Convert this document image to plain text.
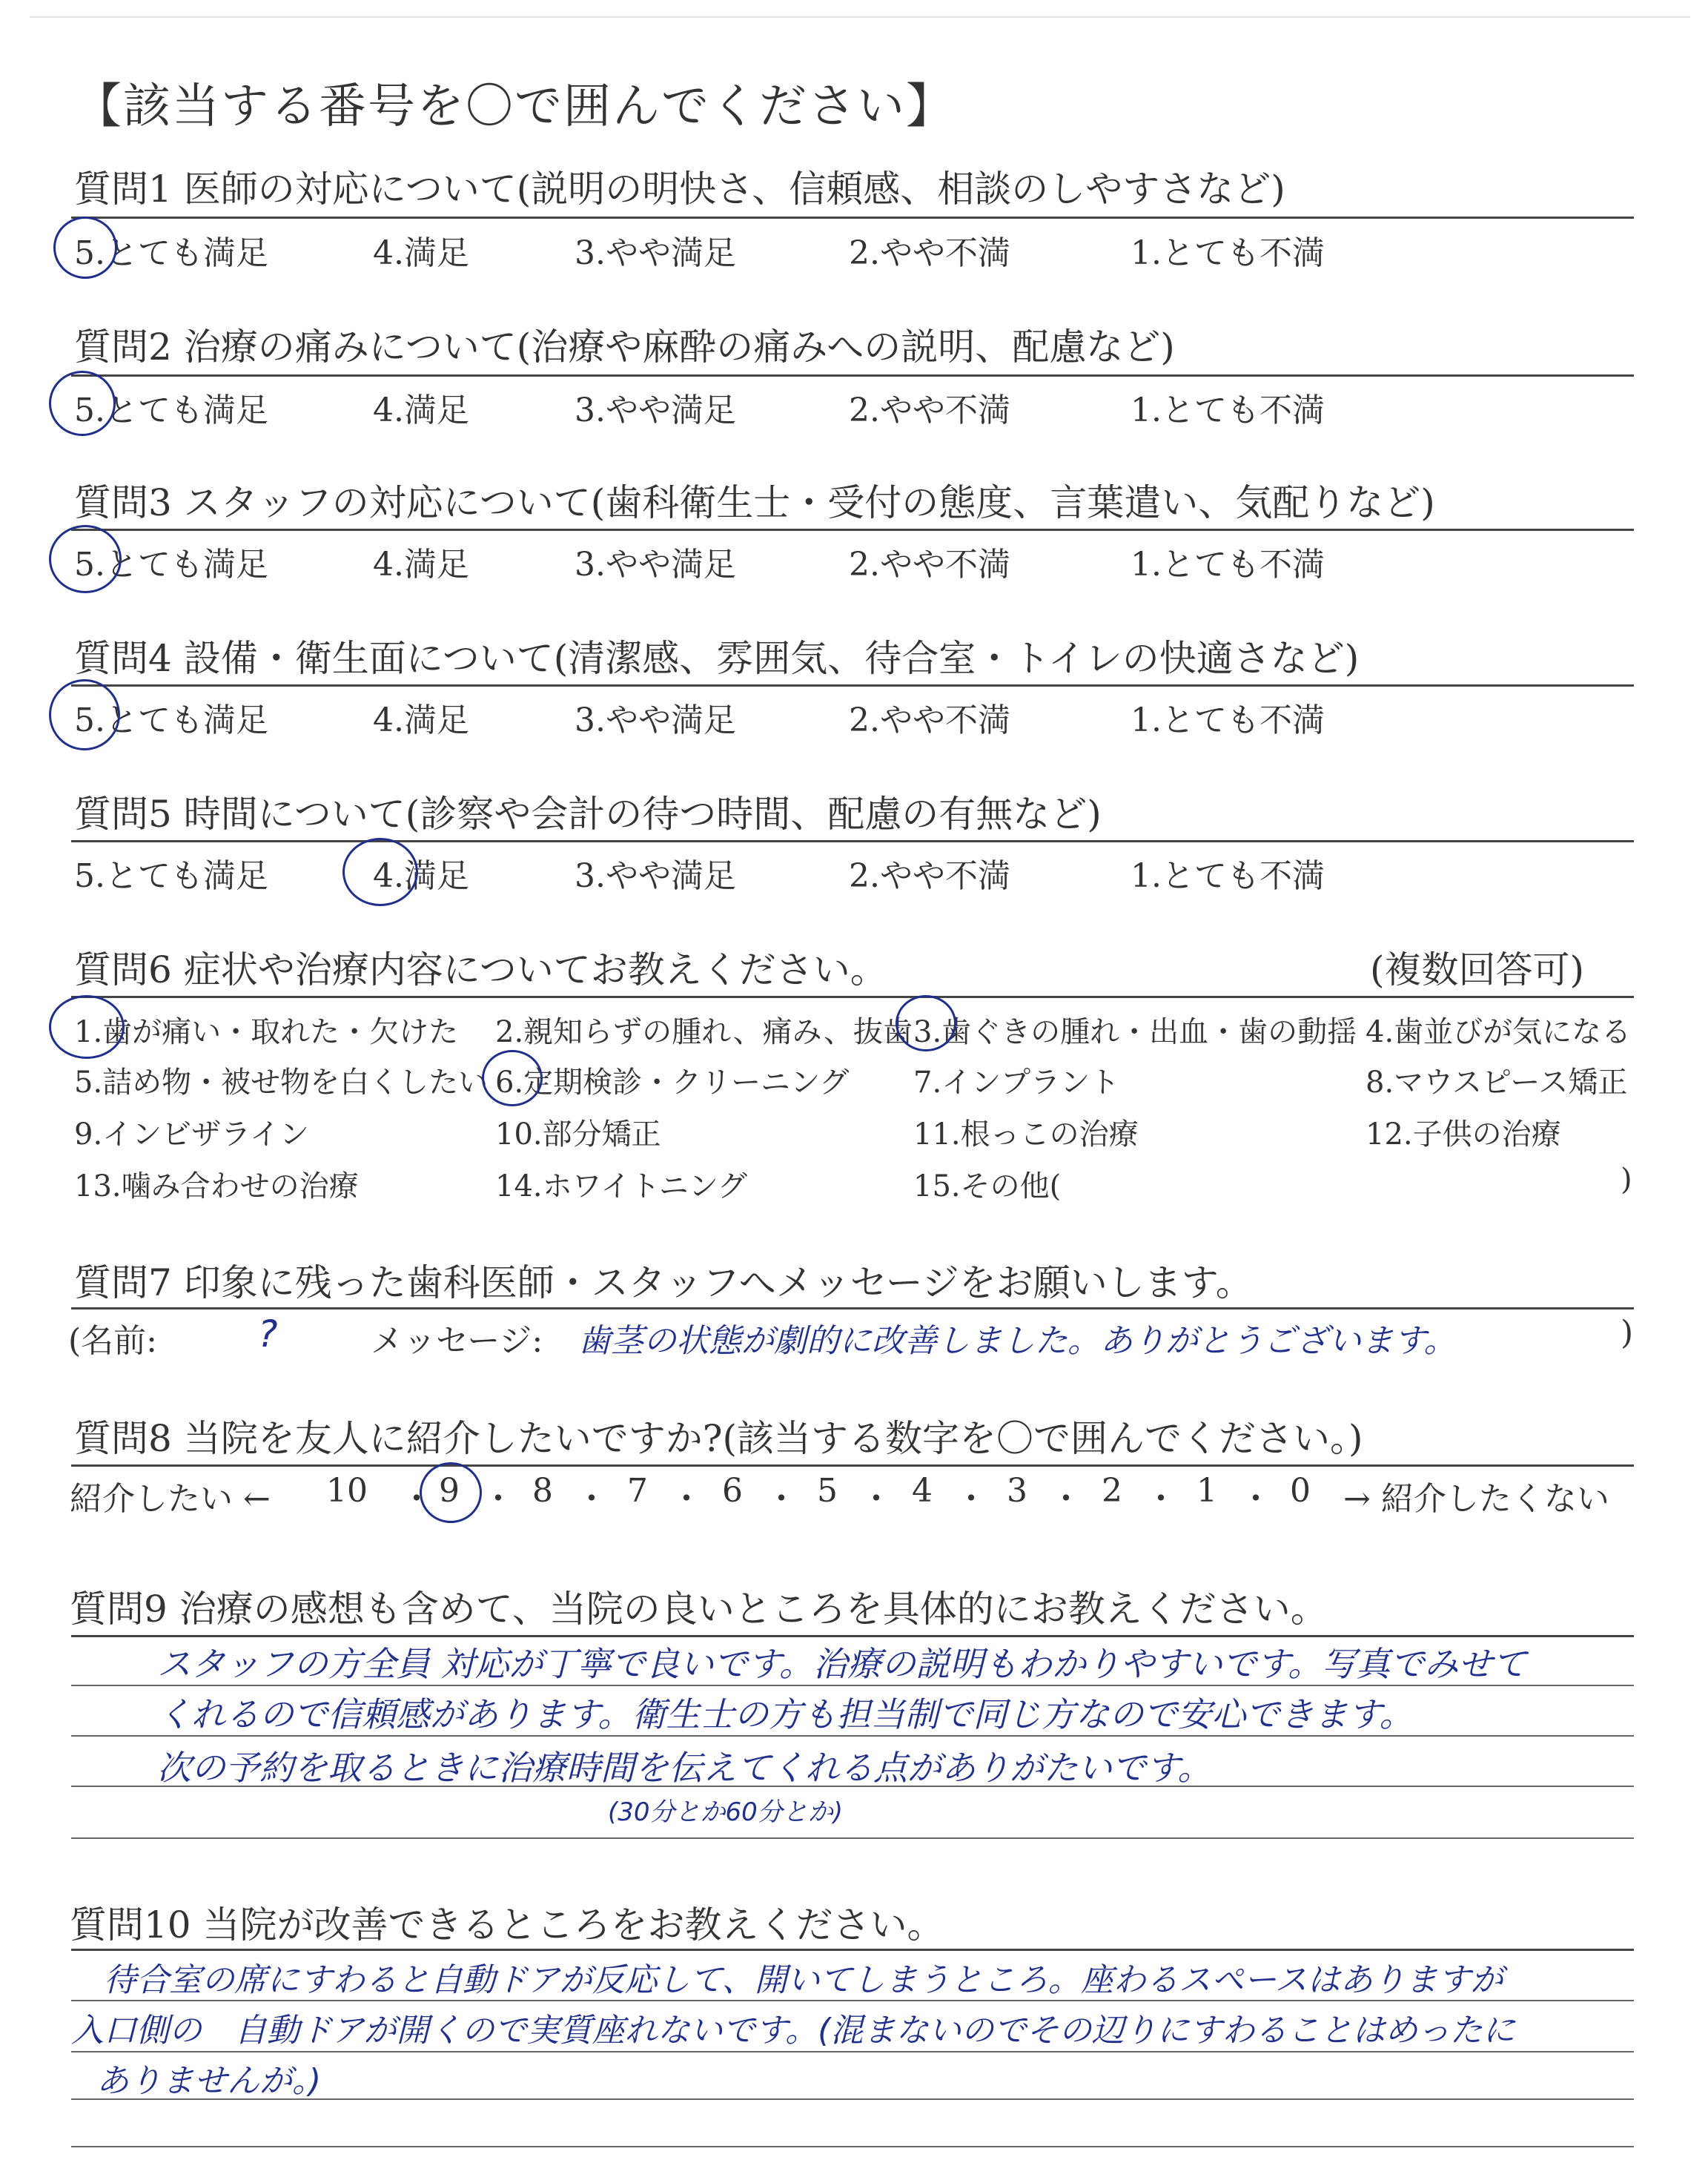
【該当する番号を〇で囲んでください】
質問1 医師の対応について(説明の明快さ、信頼感、相談のしやすさなど)
5.とても満足	4.満足	3.やや満足	2.やや不満	1.とても不満
質問2 治療の痛みについて(治療や麻酔の痛みへの説明、配慮など)
5.とても満足	4.満足	3.やや満足	2.やや不満	1.とても不満
質問3 スタッフの対応について(歯科衛生士・受付の態度、言葉遣い、気配りなど)
5.とても満足	4.満足	3.やや満足	2.やや不満	1.とても不満
質問4 設備・衛生面について(清潔感、雰囲気、待合室・トイレの快適さなど)
5.とても満足	4.満足	3.やや満足	2.やや不満	1.とても不満
質問5 時間について(診察や会計の待つ時間、配慮の有無など)
5.とても満足	4.満足	3.やや満足	2.やや不満	1.とても不満
質問6 症状や治療内容についてお教えください。	(複数回答可)
1.歯が痛い・取れた・欠けた 2.親知らずの腫れ、痛み、抜歯 3.歯ぐきの腫れ・出血・歯の動揺 4.歯並びが気になる
5.詰め物・被せ物を白くしたい 6.定期検診・クリーニング 7.インプラント	8.マウスピース矯正
9.インビザライン	10.部分矯正	11.根っこの治療	12.子供の治療
13.噛み合わせの治療	14.ホワイトニング	15.その他(	)
質問7 印象に残った歯科医師・スタッフへメッセージをお願いします。
(名前:	?	メッセージ: 歯茎の状態が劇的に改善しました。ありがとうございます。	)
質問8 当院を友人に紹介したいですか?(該当する数字を〇で囲んでください。)
紹介したい ←	→ 紹介したくない
10 ・ 9 ・ 8 ・ 7 ・ 6 ・ 5 ・ 4 ・ 3 ・ 2 ・ 1 ・ 0
質問9 治療の感想も含めて、当院の良いところを具体的にお教えください。
スタッフの方全員 対応が丁寧で良いです。治療の説明もわかりやすいです。写真でみせて
くれるので信頼感があります。衛生士の方も担当制で同じ方なので安心できます。
次の予約を取るときに治療時間を伝えてくれる点がありがたいです。
(30分とか60分とか)
質問10 当院が改善できるところをお教えください。
待合室の席にすわると自動ドアが反応して、開いてしまうところ。座わるスペースはありますが
入口側の　自動ドアが開くので実質座れないです。(混まないのでその辺りにすわることはめったに
ありませんが。)
